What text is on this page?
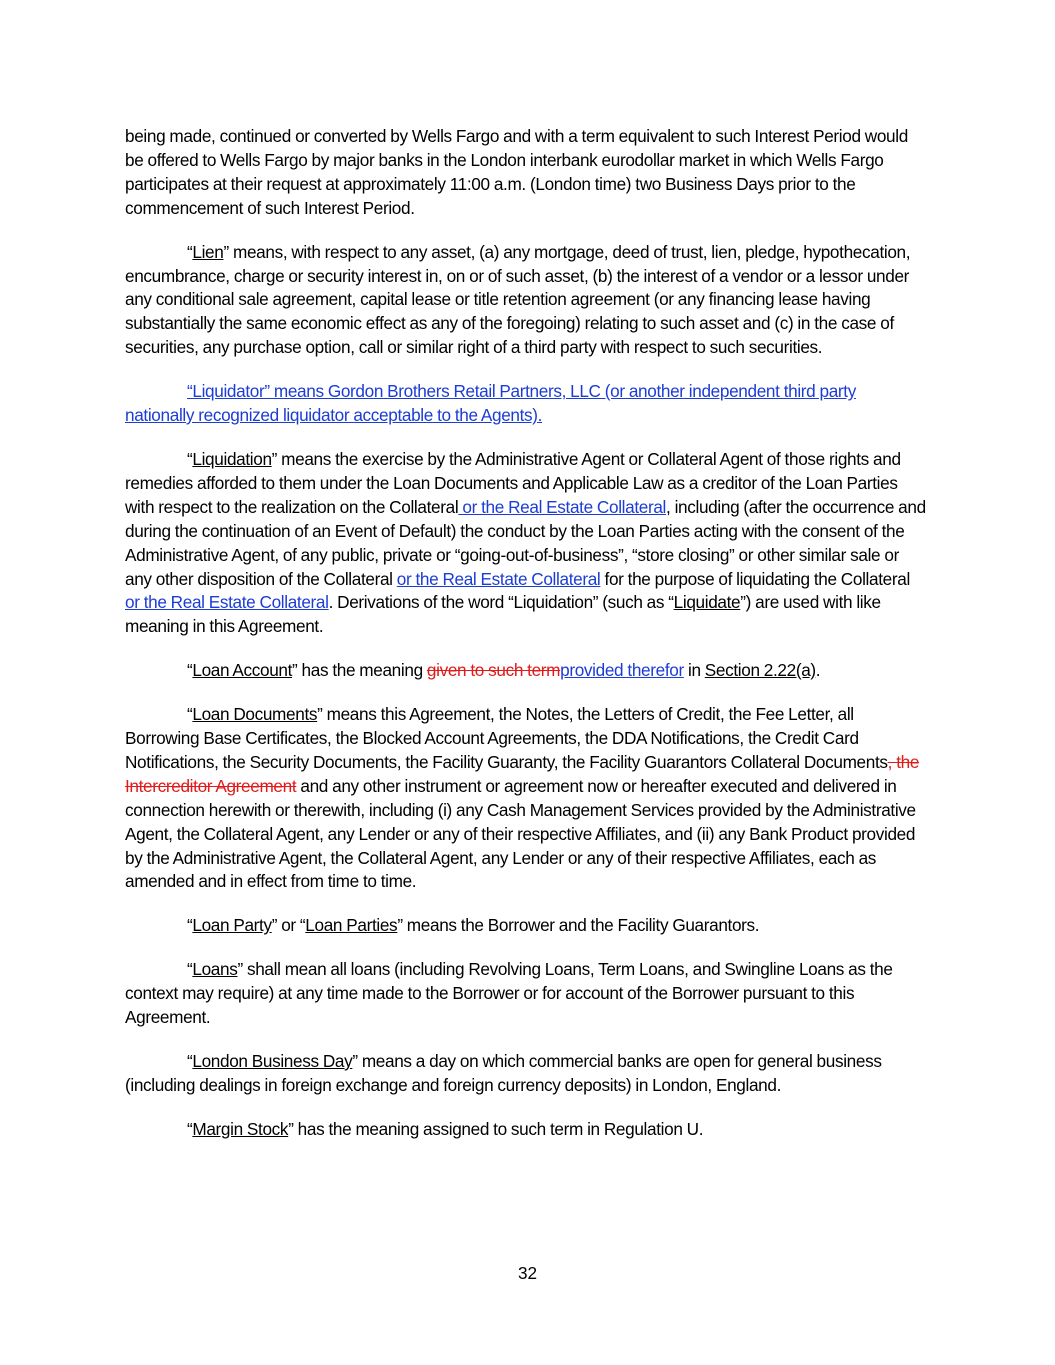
being made, continued or converted by Wells Fargo and with a term equivalent to such Interest Period would be offered to Wells Fargo by major banks in the London interbank eurodollar market in which Wells Fargo participates at their request at approximately 11:00 a.m. (London time) two Business Days prior to the commencement of such Interest Period.

“Lien” means, with respect to any asset, (a) any mortgage, deed of trust, lien, pledge, hypothecation, encumbrance, charge or security interest in, on or of such asset, (b) the interest of a vendor or a lessor under any conditional sale agreement, capital lease or title retention agreement (or any financing lease having substantially the same economic effect as any of the foregoing) relating to such asset and (c) in the case of securities, any purchase option, call or similar right of a third party with respect to such securities.

“Liquidator” means Gordon Brothers Retail Partners, LLC (or another independent third party nationally recognized liquidator acceptable to the Agents).

“Liquidation” means the exercise by the Administrative Agent or Collateral Agent of those rights and remedies afforded to them under the Loan Documents and Applicable Law as a creditor of the Loan Parties with respect to the realization on the Collateral or the Real Estate Collateral, including (after the occurrence and during the continuation of an Event of Default) the conduct by the Loan Parties acting with the consent of the Administrative Agent, of any public, private or “going-out-of-business”, “store closing” or other similar sale or any other disposition of the Collateral or the Real Estate Collateral for the purpose of liquidating the Collateral or the Real Estate Collateral. Derivations of the word “Liquidation” (such as “Liquidate”) are used with like meaning in this Agreement.

“Loan Account” has the meaning given to such termprovided therefor in Section 2.22(a).

“Loan Documents” means this Agreement, the Notes, the Letters of Credit, the Fee Letter, all Borrowing Base Certificates, the Blocked Account Agreements, the DDA Notifications, the Credit Card Notifications, the Security Documents, the Facility Guaranty, the Facility Guarantors Collateral Documents, the Intercreditor Agreement and any other instrument or agreement now or hereafter executed and delivered in connection herewith or therewith, including (i) any Cash Management Services provided by the Administrative Agent, the Collateral Agent, any Lender or any of their respective Affiliates, and (ii) any Bank Product provided by the Administrative Agent, the Collateral Agent, any Lender or any of their respective Affiliates, each as amended and in effect from time to time.

“Loan Party” or “Loan Parties” means the Borrower and the Facility Guarantors.

“Loans” shall mean all loans (including Revolving Loans, Term Loans, and Swingline Loans as the context may require) at any time made to the Borrower or for account of the Borrower pursuant to this Agreement.

“London Business Day” means a day on which commercial banks are open for general business (including dealings in foreign exchange and foreign currency deposits) in London, England.

“Margin Stock” has the meaning assigned to such term in Regulation U.

32
